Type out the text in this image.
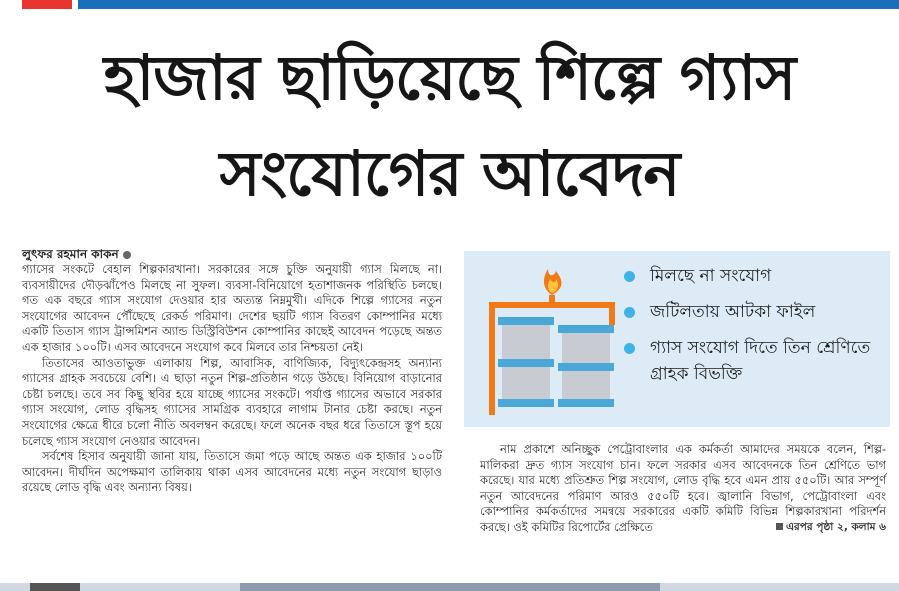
হাজার ছাড়িয়েছে শিল্পে গ্যাস
সংযোগের আবেদন
লুৎফর রহমান কাকন

গ্যাসের সংকটে বেহাল শিল্পকারখানা। সরকারের সঙ্গে চুক্তি অনুযায়ী গ্যাস মিলছে না। ব্যবসায়ীদের দৌড়ঝাঁপেও মিলছে না সুফল। ব্যবসা-বিনিয়োগে হতাশাজনক পরিস্থিতি চলছে। গত এক বছরে গ্যাস সংযোগ দেওয়ার হার অত্যন্ত নিম্নমুখী। এদিকে শিল্পে গ্যাসের নতুন সংযোগের আবেদন পৌঁছেছে রেকর্ড পরিমাণ। দেশের ছয়টি গ্যাস বিতরণ কোম্পানির মধ্যে একটি তিতাস গ্যাস ট্রান্সমিশন অ্যান্ড ডিস্ট্রিবিউশন কোম্পানির কাছেই আবেদন পড়েছে অন্তত এক হাজার ১০০টি। এসব আবেদনে সংযোগ কবে মিলবে তার নিশ্চয়তা নেই।

তিতাসের আওতাভুক্ত এলাকায় শিল্প, আবাসিক, বাণিজ্যিক, বিদ্যুৎকেন্দ্রসহ অন্যান্য গ্যাসের গ্রাহক সবচেয়ে বেশি। এ ছাড়া নতুন শিল্প-প্রতিষ্ঠান গড়ে উঠছে। বিনিয়োগ বাড়ানোর চেষ্টা চলছে। তবে সব কিছু স্থবির হয়ে যাচ্ছে গ্যাসের সংকটে। পর্যাপ্ত গ্যাসের অভাবে সরকার গ্যাস সংযোগ, লোড বৃদ্ধিসহ গ্যাসের সামগ্রিক ব্যবহারে লাগাম টানার চেষ্টা করছে। নতুন সংযোগের ক্ষেত্রে ধীরে চলো নীতি অবলম্বন করেছে। ফলে অনেক বছর ধরে তিতাসে স্তূপ হয়ে চলেছে গ্যাস সংযোগ নেওয়ার আবেদন।

সর্বশেষ হিসাব অনুযায়ী জানা যায়, তিতাসে জমা পড়ে আছে অন্তত এক হাজার ১০০টি আবেদন। দীর্ঘদিন অপেক্ষমাণ তালিকায় থাকা এসব আবেদনের মধ্যে নতুন সংযোগ ছাড়াও রয়েছে লোড বৃদ্ধি এবং অন্যান্য বিষয়।

মিলছে না সংযোগ
জটিলতায় আটকা ফাইল
গ্যাস সংযোগ দিতে তিন শ্রেণিতে গ্রাহক বিভক্তি

নাম প্রকাশে অনিচ্ছুক পেট্রোবাংলার এক কর্মকর্তা আমাদের সময়কে বলেন, শিল্প-মালিকরা দ্রুত গ্যাস সংযোগ চান। ফলে সরকার এসব আবেদনকে তিন শ্রেণিতে ভাগ করেছে। যার মধ্যে প্রতিশ্রুত শিল্প সংযোগ, লোড বৃদ্ধি হবে এমন প্রায় ৫৫০টি। আর সম্পূর্ণ নতুন আবেদনের পরিমাণ আরও ৫৫০টি হবে। জ্বালানি বিভাগ, পেট্রোবাংলা এবং কোম্পানির কর্মকর্তাদের সমন্বয়ে সরকারের একটি কমিটি বিভিন্ন শিল্পকারখানা পরিদর্শন করছে। ওই কমিটির রিপোর্টের প্রেক্ষিতে	এরপর পৃষ্ঠা ২, কলাম ৬
